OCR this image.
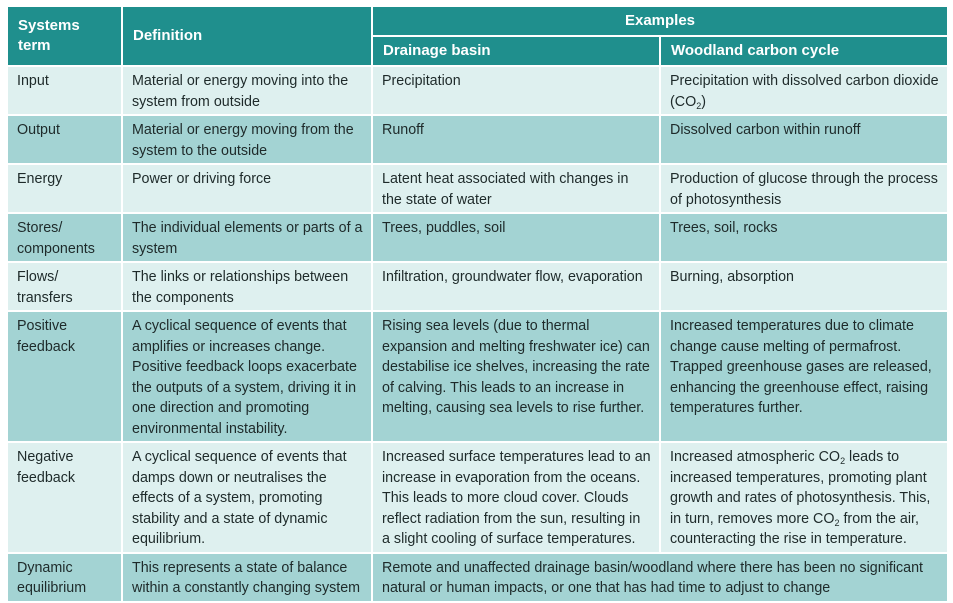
Systems term	Definition	Examples	
		Drainage basin	Woodland carbon cycle
Input	Material or energy moving into the system from outside	Precipitation	Precipitation with dissolved carbon dioxide $(CO_2)$
Output	Material or energy moving from the system to the outside	Runoff	Dissolved carbon within runoff
Energy	Power or driving force	Latent heat associated with changes in the state of water	Production of glucose through the process of photosynthesis
Stores/ components	The individual elements or parts of a system	Trees, puddles, soil	Trees, soil, rocks
Flows/ transfers	The links or relationships between the components	Infiltration, groundwater flow, evaporation	Burning, absorption
Positive feedback	A cyclical sequence of events that amplifies or increases change. Positive feedback loops exacerbate the outputs of a system, driving it in one direction and promoting environmental instability.	Rising sea levels (due to thermal expansion and melting freshwater ice) can destabilise ice shelves, increasing the rate of calving. This leads to an increase in melting, causing sea levels to rise further.	Increased temperatures due to climate change cause melting of permafrost. Trapped greenhouse gases are released, enhancing the greenhouse effect, raising temperatures further.
Negative feedback	A cyclical sequence of events that damps down or neutralises the effects of a system, promoting stability and a state of dynamic equilibrium.	Increased surface temperatures lead to an increase in evaporation from the oceans. This leads to more cloud cover. Clouds reflect radiation from the sun, resulting in a slight cooling of surface temperatures.	Increased atmospheric $CO_2$ leads to increased temperatures, promoting plant growth and rates of photosynthesis. This, in turn, removes more $CO_2$ from the air, counteracting the rise in temperature.
Dynamic equilibrium	This represents a state of balance within a constantly changing system	Remote and unaffected drainage basin/woodland where there has been no significant natural or human impacts, or one that has had time to adjust to change	
